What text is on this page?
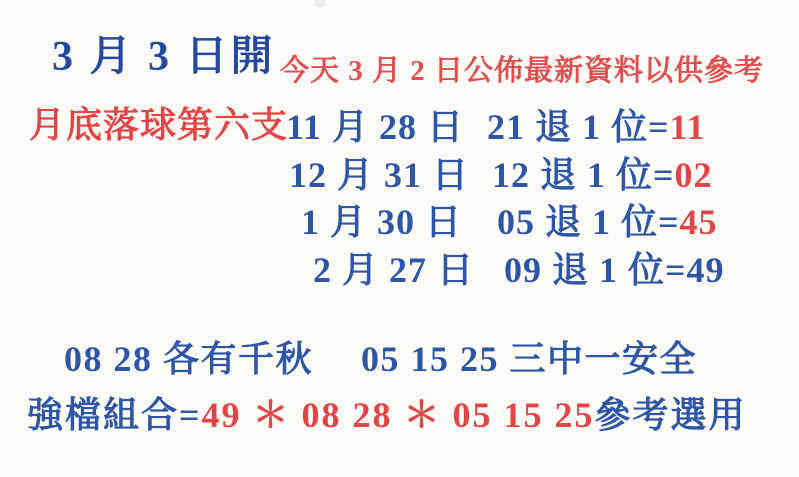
3 月 3 日開 今天 3 月 2 日公佈最新資料以供參考
月底落球第六支
11 月 28 日 21 退 1 位=11
12 月 31 日 12 退 1 位=02
1 月 30 日 05 退 1 位=45
2 月 27 日 09 退 1 位=49
08 28 各有千秋　 05 15 25 三中一安全
強檔組合=49 ＊ 08 28 ＊ 05 15 25參考選用
